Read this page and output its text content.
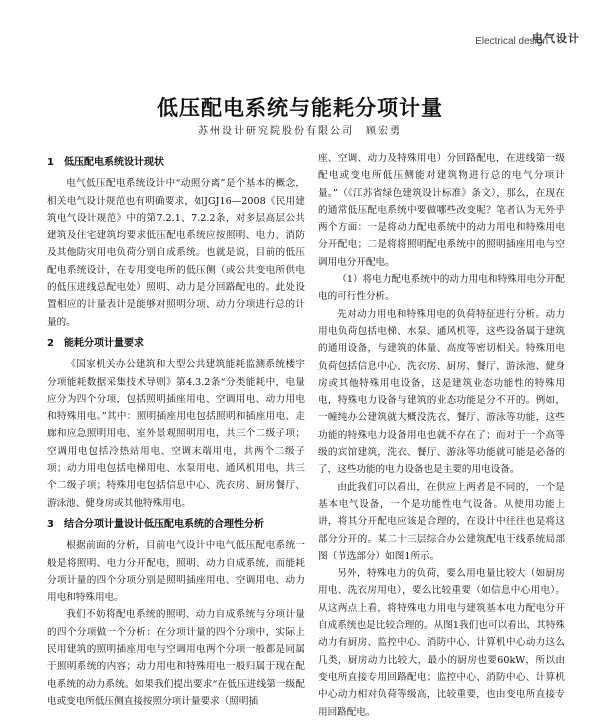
Electrical design
电气设计
低压配电系统与能耗分项计量
苏州设计研究院股份有限公司　顾宏勇
1　低压配电系统设计现状

电气低压配电系统设计中“动照分离”是个基本的概念，相关电气设计规范也有明确要求，如JGJ16—2008《民用建筑电气设计规范》中的第7.2.1、7.2.2条，对多层高层公共建筑及住宅建筑均要求低压配电系统应按照明、电力、消防及其他防灾用电负荷分别自成系统。也就是说，目前的低压配电系统设计，在专用变电所的低压侧（或公共变电所供电的低压进线总配电处）照明、动力是分回路配电的。此处设置相应的计量表计是能够对照明分项、动力分项进行总的计量的。

2　能耗分项计量要求

《国家机关办公建筑和大型公共建筑能耗监测系统楼宇分项能耗数据采集技术导则》第4.3.2条“分类能耗中，电量应分为四个分项，包括照明插座用电、空调用电、动力用电和特殊用电。”其中：照明插座用电包括照明和插座用电、走廊和应急照明用电、室外景观照明用电，共三个二级子项；空调用电包括冷热站用电、空调末端用电，共两个二级子项；动力用电包括电梯用电、水泵用电、通风机用电，共三个二级子项；特殊用电包括信息中心、洗衣房、厨房餐厅、游泳池、健身房或其他特殊用电。

3　结合分项计量设计低压配电系统的合理性分析

根据前面的分析，目前电气设计中电气低压配电系统一般是将照明、电力分开配电，照明、动力自成系统，而能耗分项计量的四个分项分别是照明插座用电、空调用电、动力用电和特殊用电。

我们不妨将配电系统的照明、动力自成系统与分项计量的四个分项做一个分析：在分项计量的四个分项中，实际上民用建筑的照明插座用电与空调用电两个分项一般都是同属于照明系统的内容；动力用电和特殊用电一般归属于现在配电系统的动力系统。如果我们提出要求“在低压进线第一级配电或变电所低压侧直接按照分项计量要求（照明插

座、空调、动力及特殊用电）分回路配电，在进线第一级配电或变电所低压侧能对建筑物进行总的电气分项计量。”（《江苏省绿色建筑设计标准》条文），那么，在现在的通常低压配电系统中要做哪些改变呢？笔者认为无外乎两个方面：一是将动力配电系统中的动力用电和特殊用电分开配电；二是将将照明配电系统中的照明插座用电与空调用电分开配电。

（1）将电力配电系统中的动力用电和特殊用电分开配电的可行性分析。

先对动力用电和特殊用电的负荷特征进行分析。动力用电负荷包括电梯、水泵、通风机等，这些设备属于建筑的通用设备，与建筑的体量、高度等密切相关。特殊用电负荷包括信息中心、洗衣房、厨房、餐厅、游泳池、健身房或其他特殊用电设备，这是建筑业态功能性的特殊用电，特殊电力设备与建筑的业态功能是分不开的。例如，一幢纯办公建筑就大概没洗衣、餐厅、游泳等功能，这些功能的特殊电力设备用电也就不存在了；而对于一个高等级的宾馆建筑，洗衣、餐厅、游泳等功能就可能是必备的了，这些功能的电力设备也是主要的用电设备。

由此我们可以看出，在供应上两者是不同的，一个是基本电气设备，一个是功能性电气设备。从使用功能上讲，将其分开配电应该是合理的，在设计中往往也是将这部分分开的。某二十三层综合办公建筑配电干线系统局部图（节选部分）如图1所示。

另外，特殊电力的负荷，要么用电量比较大（如厨房用电、洗衣房用电），要么比较重要（如信息中心用电）。从这两点上看，将特殊电力用电与建筑基本电力配电分开自成系统也是比较合理的。从图1我们也可以看出，其特殊动力有厨房、监控中心、消防中心、计算机中心动力这么几类，厨房动力比较大，最小的厨房也要60kW，所以由变电所直接专用回路配电；监控中心、消防中心、计算机中心动力相对负荷等级高，比较重要，也由变电所直接专用回路配电。
